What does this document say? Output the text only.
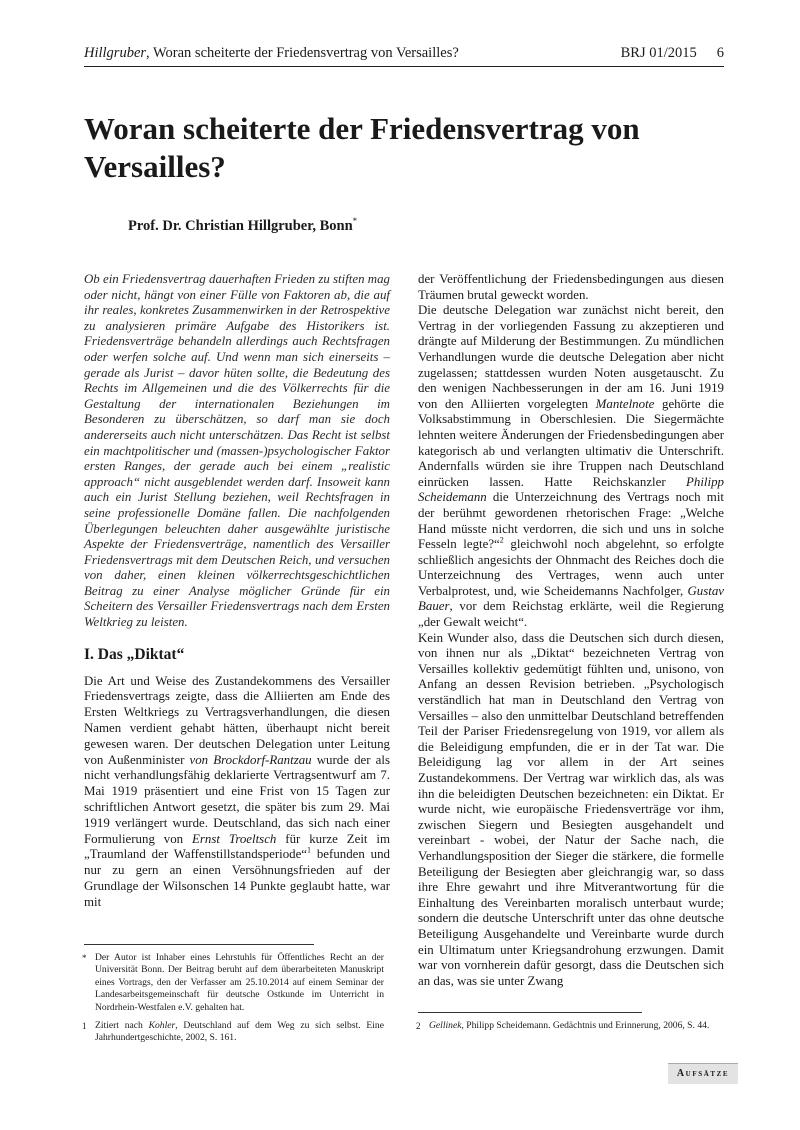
Hillgruber, Woran scheiterte der Friedensvertrag von Versailles?	BRJ 01/2015 6
Woran scheiterte der Friedensvertrag von Versailles?
Prof. Dr. Christian Hillgruber, Bonn*

Ob ein Friedensvertrag dauerhaften Frieden zu stiften mag oder nicht, hängt von einer Fülle von Faktoren ab, die auf ihr reales, konkretes Zusammenwirken in der Retrospektive zu analysieren primäre Aufgabe des Historikers ist. Friedensverträge behandeln allerdings auch Rechtsfragen oder werfen solche auf. Und wenn man sich einerseits – gerade als Jurist – davor hüten sollte, die Bedeutung des Rechts im Allgemeinen und die des Völkerrechts für die Gestaltung der internationalen Beziehungen im Besonderen zu überschätzen, so darf man sie doch andererseits auch nicht unterschätzen. Das Recht ist selbst ein machtpolitischer und (massen-)psychologischer Faktor ersten Ranges, der gerade auch bei einem „realistic approach“ nicht ausgeblendet werden darf. Insoweit kann auch ein Jurist Stellung beziehen, weil Rechtsfragen in seine professionelle Domäne fallen. Die nachfolgenden Überlegungen beleuchten daher ausgewählte juristische Aspekte der Friedensverträge, namentlich des Versailler Friedensvertrags mit dem Deutschen Reich, und versuchen von daher, einen kleinen völkerrechtsgeschichtlichen Beitrag zu einer Analyse möglicher Gründe für ein Scheitern des Versailler Friedensvertrags nach dem Ersten Weltkrieg zu leisten.

I. Das „Diktat“

Die Art und Weise des Zustandekommens des Versailler Friedensvertrags zeigte, dass die Alliierten am Ende des Ersten Weltkriegs zu Vertragsverhandlungen, die diesen Namen verdient gehabt hätten, überhaupt nicht bereit gewesen waren. Der deutschen Delegation unter Leitung von Außenminister von Brockdorf-Rantzau wurde der als nicht verhandlungsfähig deklarierte Vertragsentwurf am 7. Mai 1919 präsentiert und eine Frist von 15 Tagen zur schriftlichen Antwort gesetzt, die später bis zum 29. Mai 1919 verlängert wurde. Deutschland, das sich nach einer Formulierung von Ernst Troeltsch für kurze Zeit im „Traumland der Waffenstillstandsperiode“$^1$ befunden und nur zu gern an einen Versöhnungsfrieden auf der Grundlage der Wilsonschen 14 Punkte geglaubt hatte, war mit

der Veröffentlichung der Friedensbedingungen aus diesen Träumen brutal geweckt worden.

Die deutsche Delegation war zunächst nicht bereit, den Vertrag in der vorliegenden Fassung zu akzeptieren und drängte auf Milderung der Bestimmungen. Zu mündlichen Verhandlungen wurde die deutsche Delegation aber nicht zugelassen; stattdessen wurden Noten ausgetauscht. Zu den wenigen Nachbesserungen in der am 16. Juni 1919 von den Alliierten vorgelegten Mantelnote gehörte die Volksabstimmung in Oberschlesien. Die Siegermächte lehnten weitere Änderungen der Friedensbedingungen aber kategorisch ab und verlangten ultimativ die Unterschrift. Andernfalls würden sie ihre Truppen nach Deutschland einrücken lassen. Hatte Reichskanzler Philipp Scheidemann die Unterzeichnung des Vertrags noch mit der berühmt gewordenen rhetorischen Frage: „Welche Hand müsste nicht verdorren, die sich und uns in solche Fesseln legte?“$^2$ gleichwohl noch abgelehnt, so erfolgte schließlich angesichts der Ohnmacht des Reiches doch die Unterzeichnung des Vertrages, wenn auch unter Verbalprotest, und, wie Scheidemanns Nachfolger, Gustav Bauer, vor dem Reichstag erklärte, weil die Regierung „der Gewalt weicht“.

Kein Wunder also, dass die Deutschen sich durch diesen, von ihnen nur als „Diktat“ bezeichneten Vertrag von Versailles kollektiv gedemütigt fühlten und, unisono, von Anfang an dessen Revision betrieben. „Psychologisch verständlich hat man in Deutschland den Vertrag von Versailles – also den unmittelbar Deutschland betreffenden Teil der Pariser Friedensregelung von 1919, vor allem als die Beleidigung empfunden, die er in der Tat war. Die Beleidigung lag vor allem in der Art seines Zustandekommens. Der Vertrag war wirklich das, als was ihn die beleidigten Deutschen bezeichneten: ein Diktat. Er wurde nicht, wie europäische Friedensverträge vor ihm, zwischen Siegern und Besiegten ausgehandelt und vereinbart - wobei, der Natur der Sache nach, die Verhandlungsposition der Sieger die stärkere, die formelle Beteiligung der Besiegten aber gleichrangig war, so dass ihre Ehre gewahrt und ihre Mitverantwortung für die Einhaltung des Vereinbarten moralisch unterbaut wurde; sondern die deutsche Unterschrift unter das ohne deutsche Beteiligung Ausgehandelte und Vereinbarte wurde durch ein Ultimatum unter Kriegsandrohung erzwungen. Damit war von vornherein dafür gesorgt, dass die Deutschen sich an das, was sie unter Zwang

* Der Autor ist Inhaber eines Lehrstuhls für Öffentliches Recht an der Universität Bonn. Der Beitrag beruht auf dem überarbeiteten Manuskript eines Vortrags, den der Verfasser am 25.10.2014 auf einem Seminar der Landesarbeitsgemeinschaft für deutsche Ostkunde im Unterricht in Nordrhein-Westfalen e.V. gehalten hat.
1 Zitiert nach Kohler, Deutschland auf dem Weg zu sich selbst. Eine Jahrhundertgeschichte, 2002, S. 161.
2 Gellinek, Philipp Scheidemann. Gedächtnis und Erinnerung, 2006, S. 44.
Aufsätze
